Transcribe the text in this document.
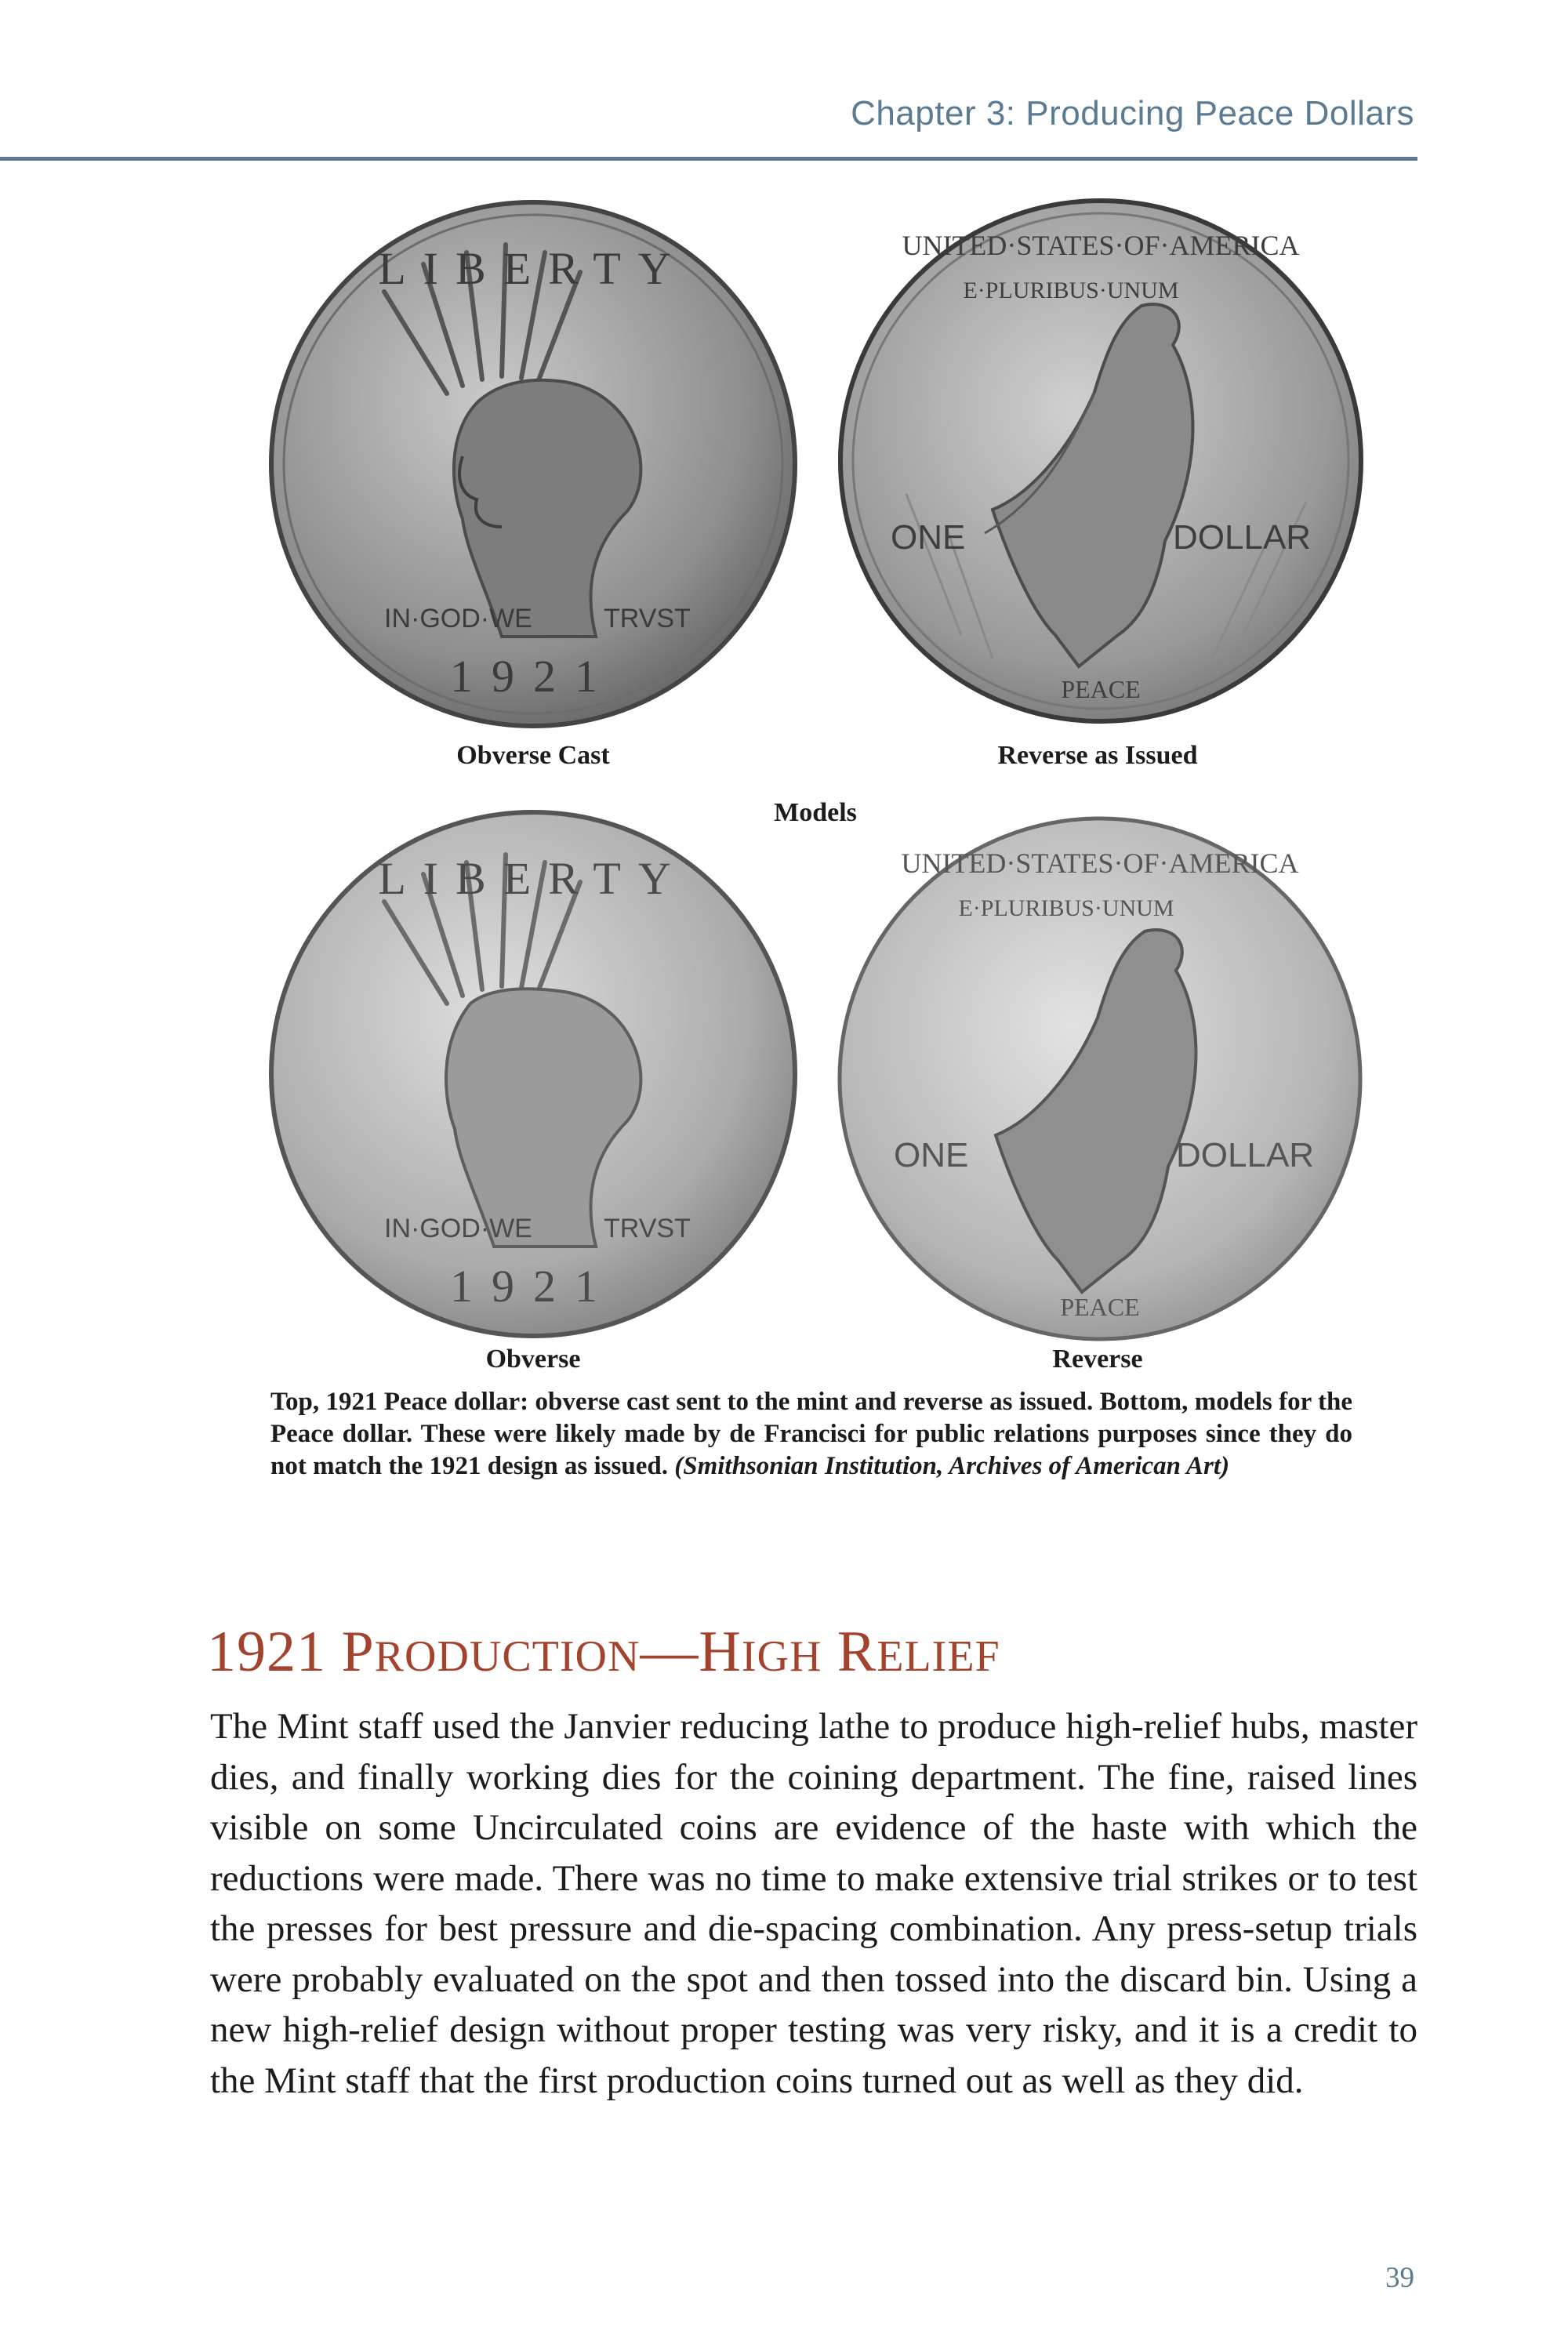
Chapter 3: Producing Peace Dollars
LIBERTY
IN·GOD·WE	TRVST
1921
Obverse Cast
UNITED·STATES·OF·AMERICA
E·PLURIBUS·UNUM
ONE	DOLLAR
PEACE
Reverse as Issued
Models
LIBERTY
IN·GOD·WE	TRVST
1921
Obverse
UNITED·STATES·OF·AMERICA
E·PLURIBUS·UNUM
ONE	DOLLAR
PEACE
Reverse
Top, 1921 Peace dollar: obverse cast sent to the mint and reverse as issued. Bottom, models for the Peace dollar. These were likely made by de Francisci for public relations purposes since they do not match the 1921 design as issued. (Smithsonian Institution, Archives of American Art)
1921 PRODUCTION—HIGH RELIEF
The Mint staff used the Janvier reducing lathe to produce high-relief hubs, master dies, and finally working dies for the coining department. The fine, raised lines visible on some Uncirculated coins are evidence of the haste with which the reductions were made. There was no time to make extensive trial strikes or to test the presses for best pressure and die-spacing combination. Any press-setup trials were probably evaluated on the spot and then tossed into the discard bin. Using a new high-relief design without proper testing was very risky, and it is a credit to the Mint staff that the first production coins turned out as well as they did.
39
